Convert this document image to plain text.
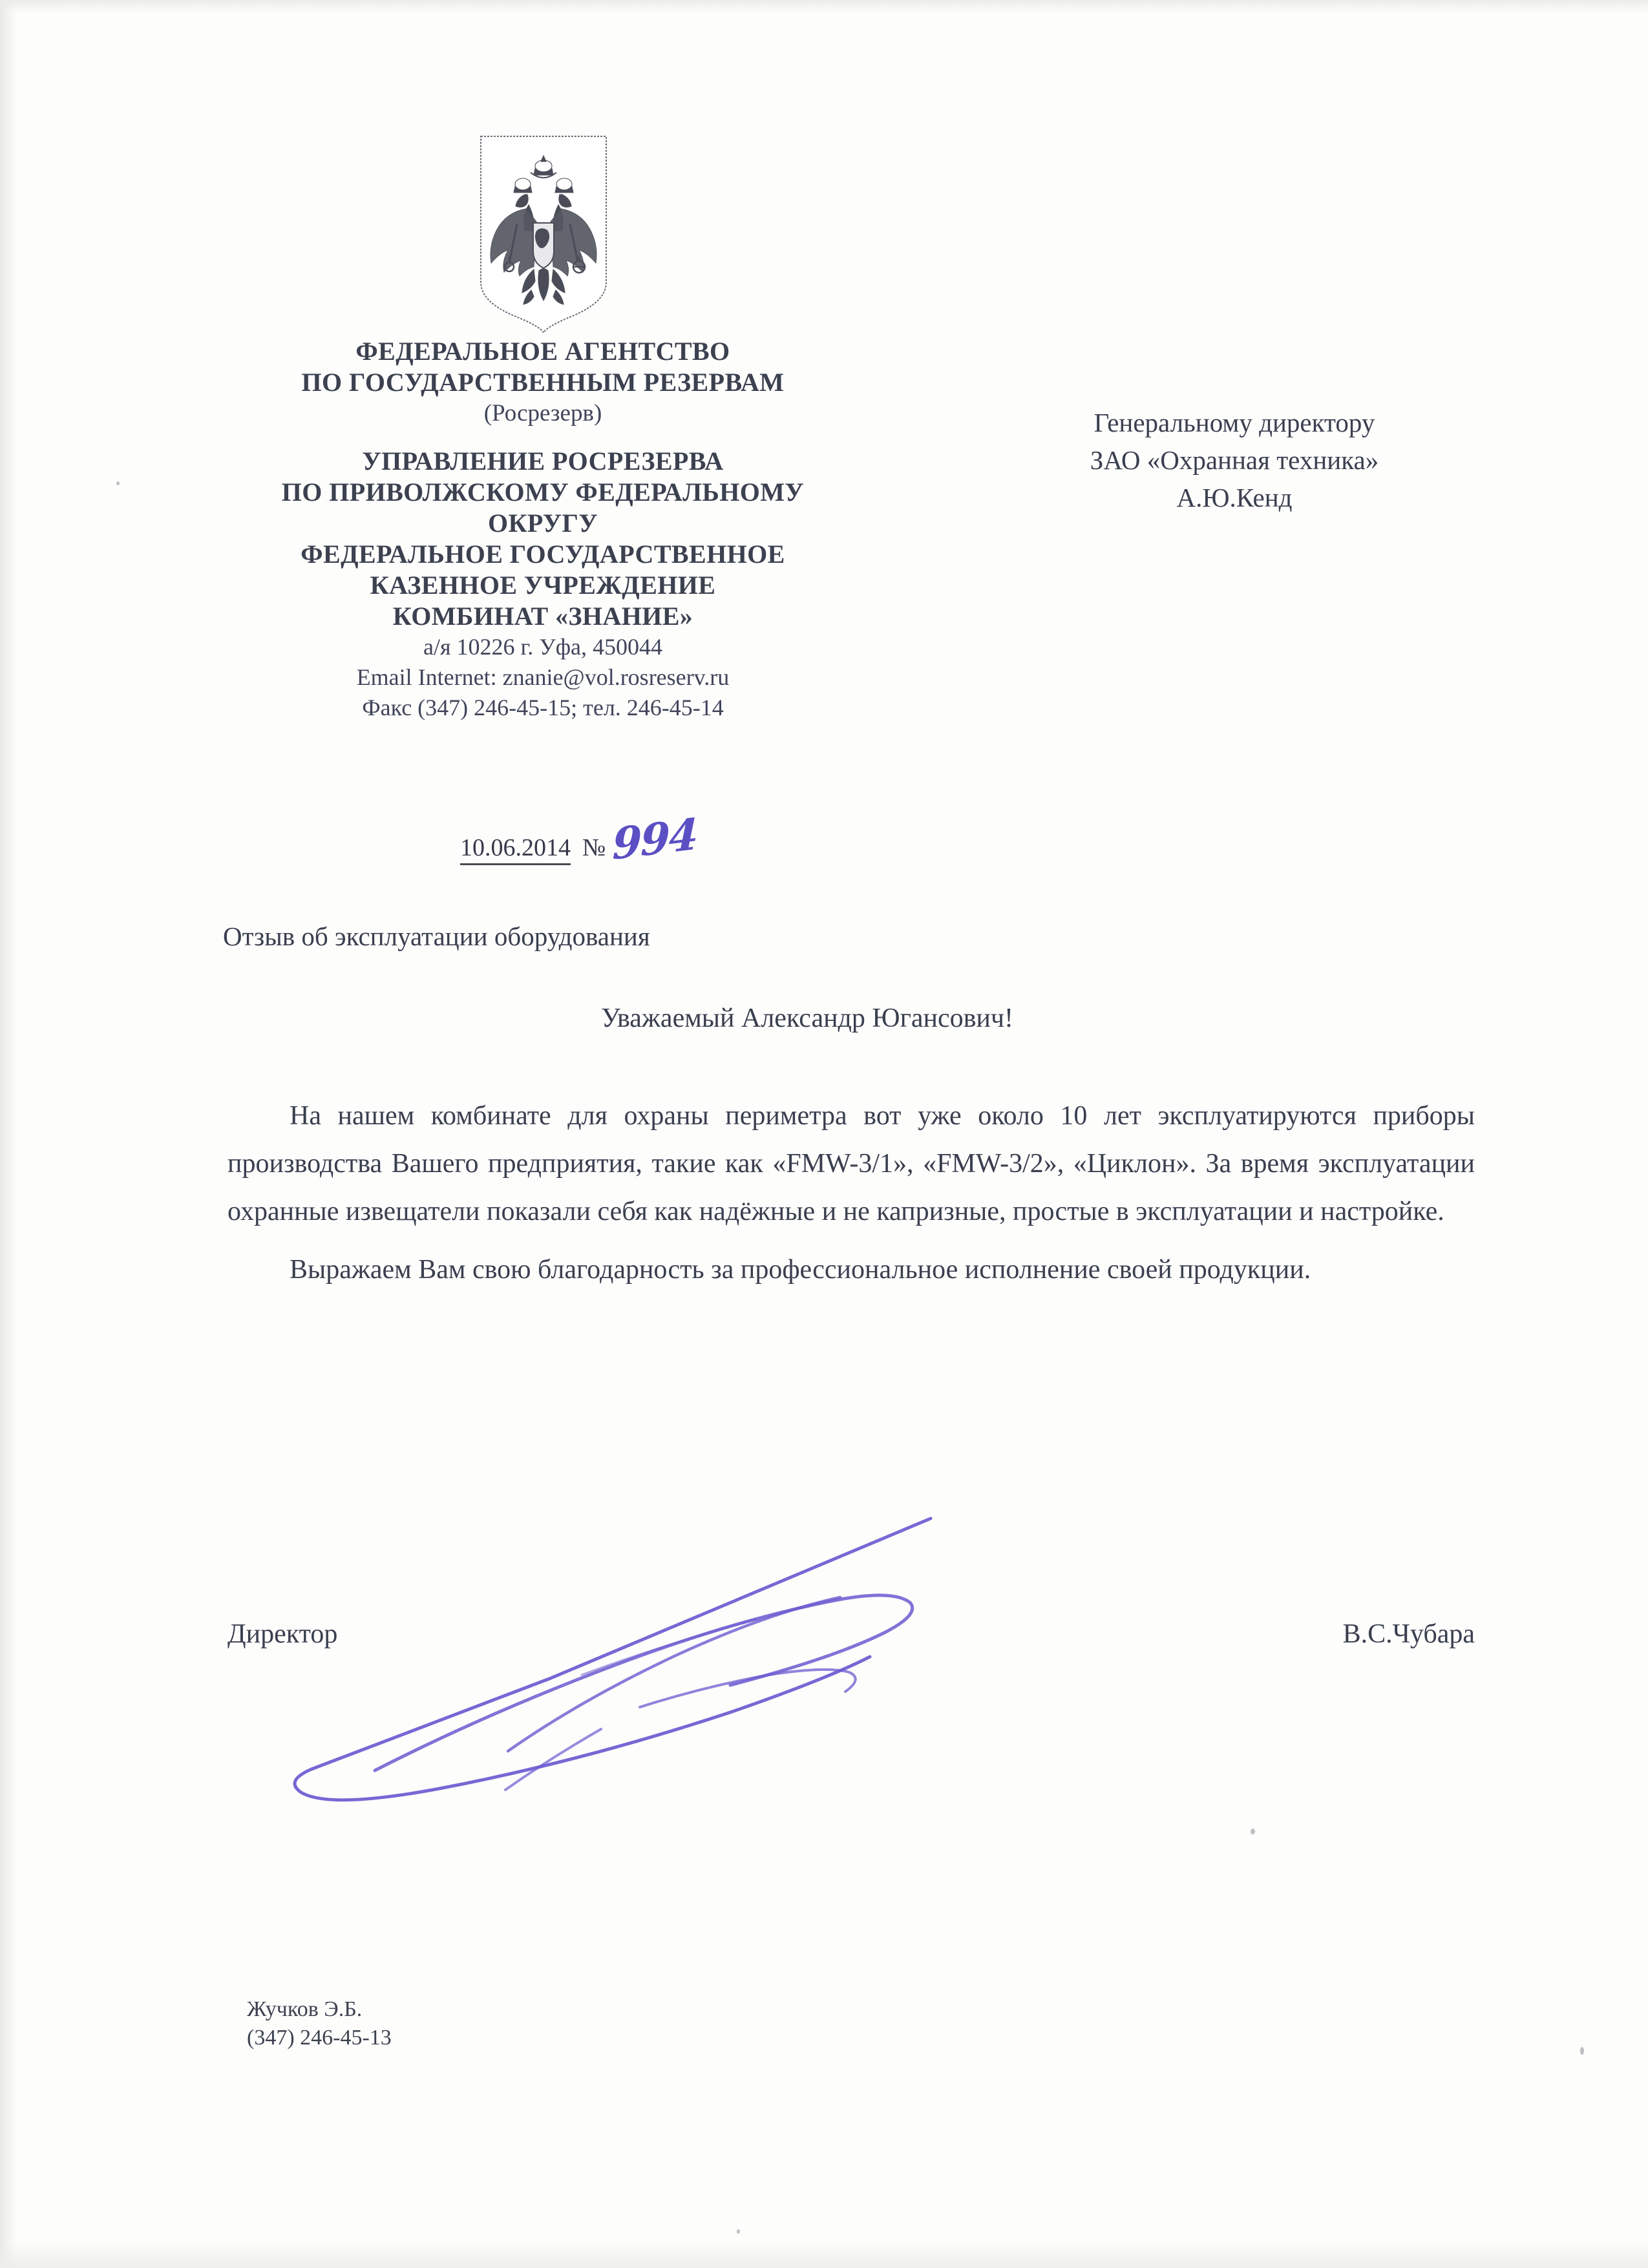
ФЕДЕРАЛЬНОЕ АГЕНТСТВО
ПО ГОСУДАРСТВЕННЫМ РЕЗЕРВАМ
(Росрезерв)
УПРАВЛЕНИЕ РОСРЕЗЕРВА
ПО ПРИВОЛЖСКОМУ ФЕДЕРАЛЬНОМУ
ОКРУГУ
ФЕДЕРАЛЬНОЕ ГОСУДАРСТВЕННОЕ
КАЗЕННОЕ УЧРЕЖДЕНИЕ
КОМБИНАТ «ЗНАНИЕ»
а/я 10226 г. Уфа, 450044
Email Internet: znanie@vol.rosreserv.ru
Факс (347) 246-45-15; тел. 246-45-14
10.06.2014 № 994
Генеральному директору
ЗАО «Охранная техника»
А.Ю.Кенд
Отзыв об эксплуатации оборудования
Уважаемый Александр Югансович!

На нашем комбинате для охраны периметра вот уже около 10 лет эксплуатируются приборы производства Вашего предприятия, такие как «FMW-3/1», «FMW-3/2», «Циклон». За время эксплуатации охранные извещатели показали себя как надёжные и не капризные, простые в эксплуатации и настройке.

Выражаем Вам свою благодарность за профессиональное исполнение своей продукции.

Директор	В.С.Чубара
Жучков Э.Б.
(347) 246-45-13
